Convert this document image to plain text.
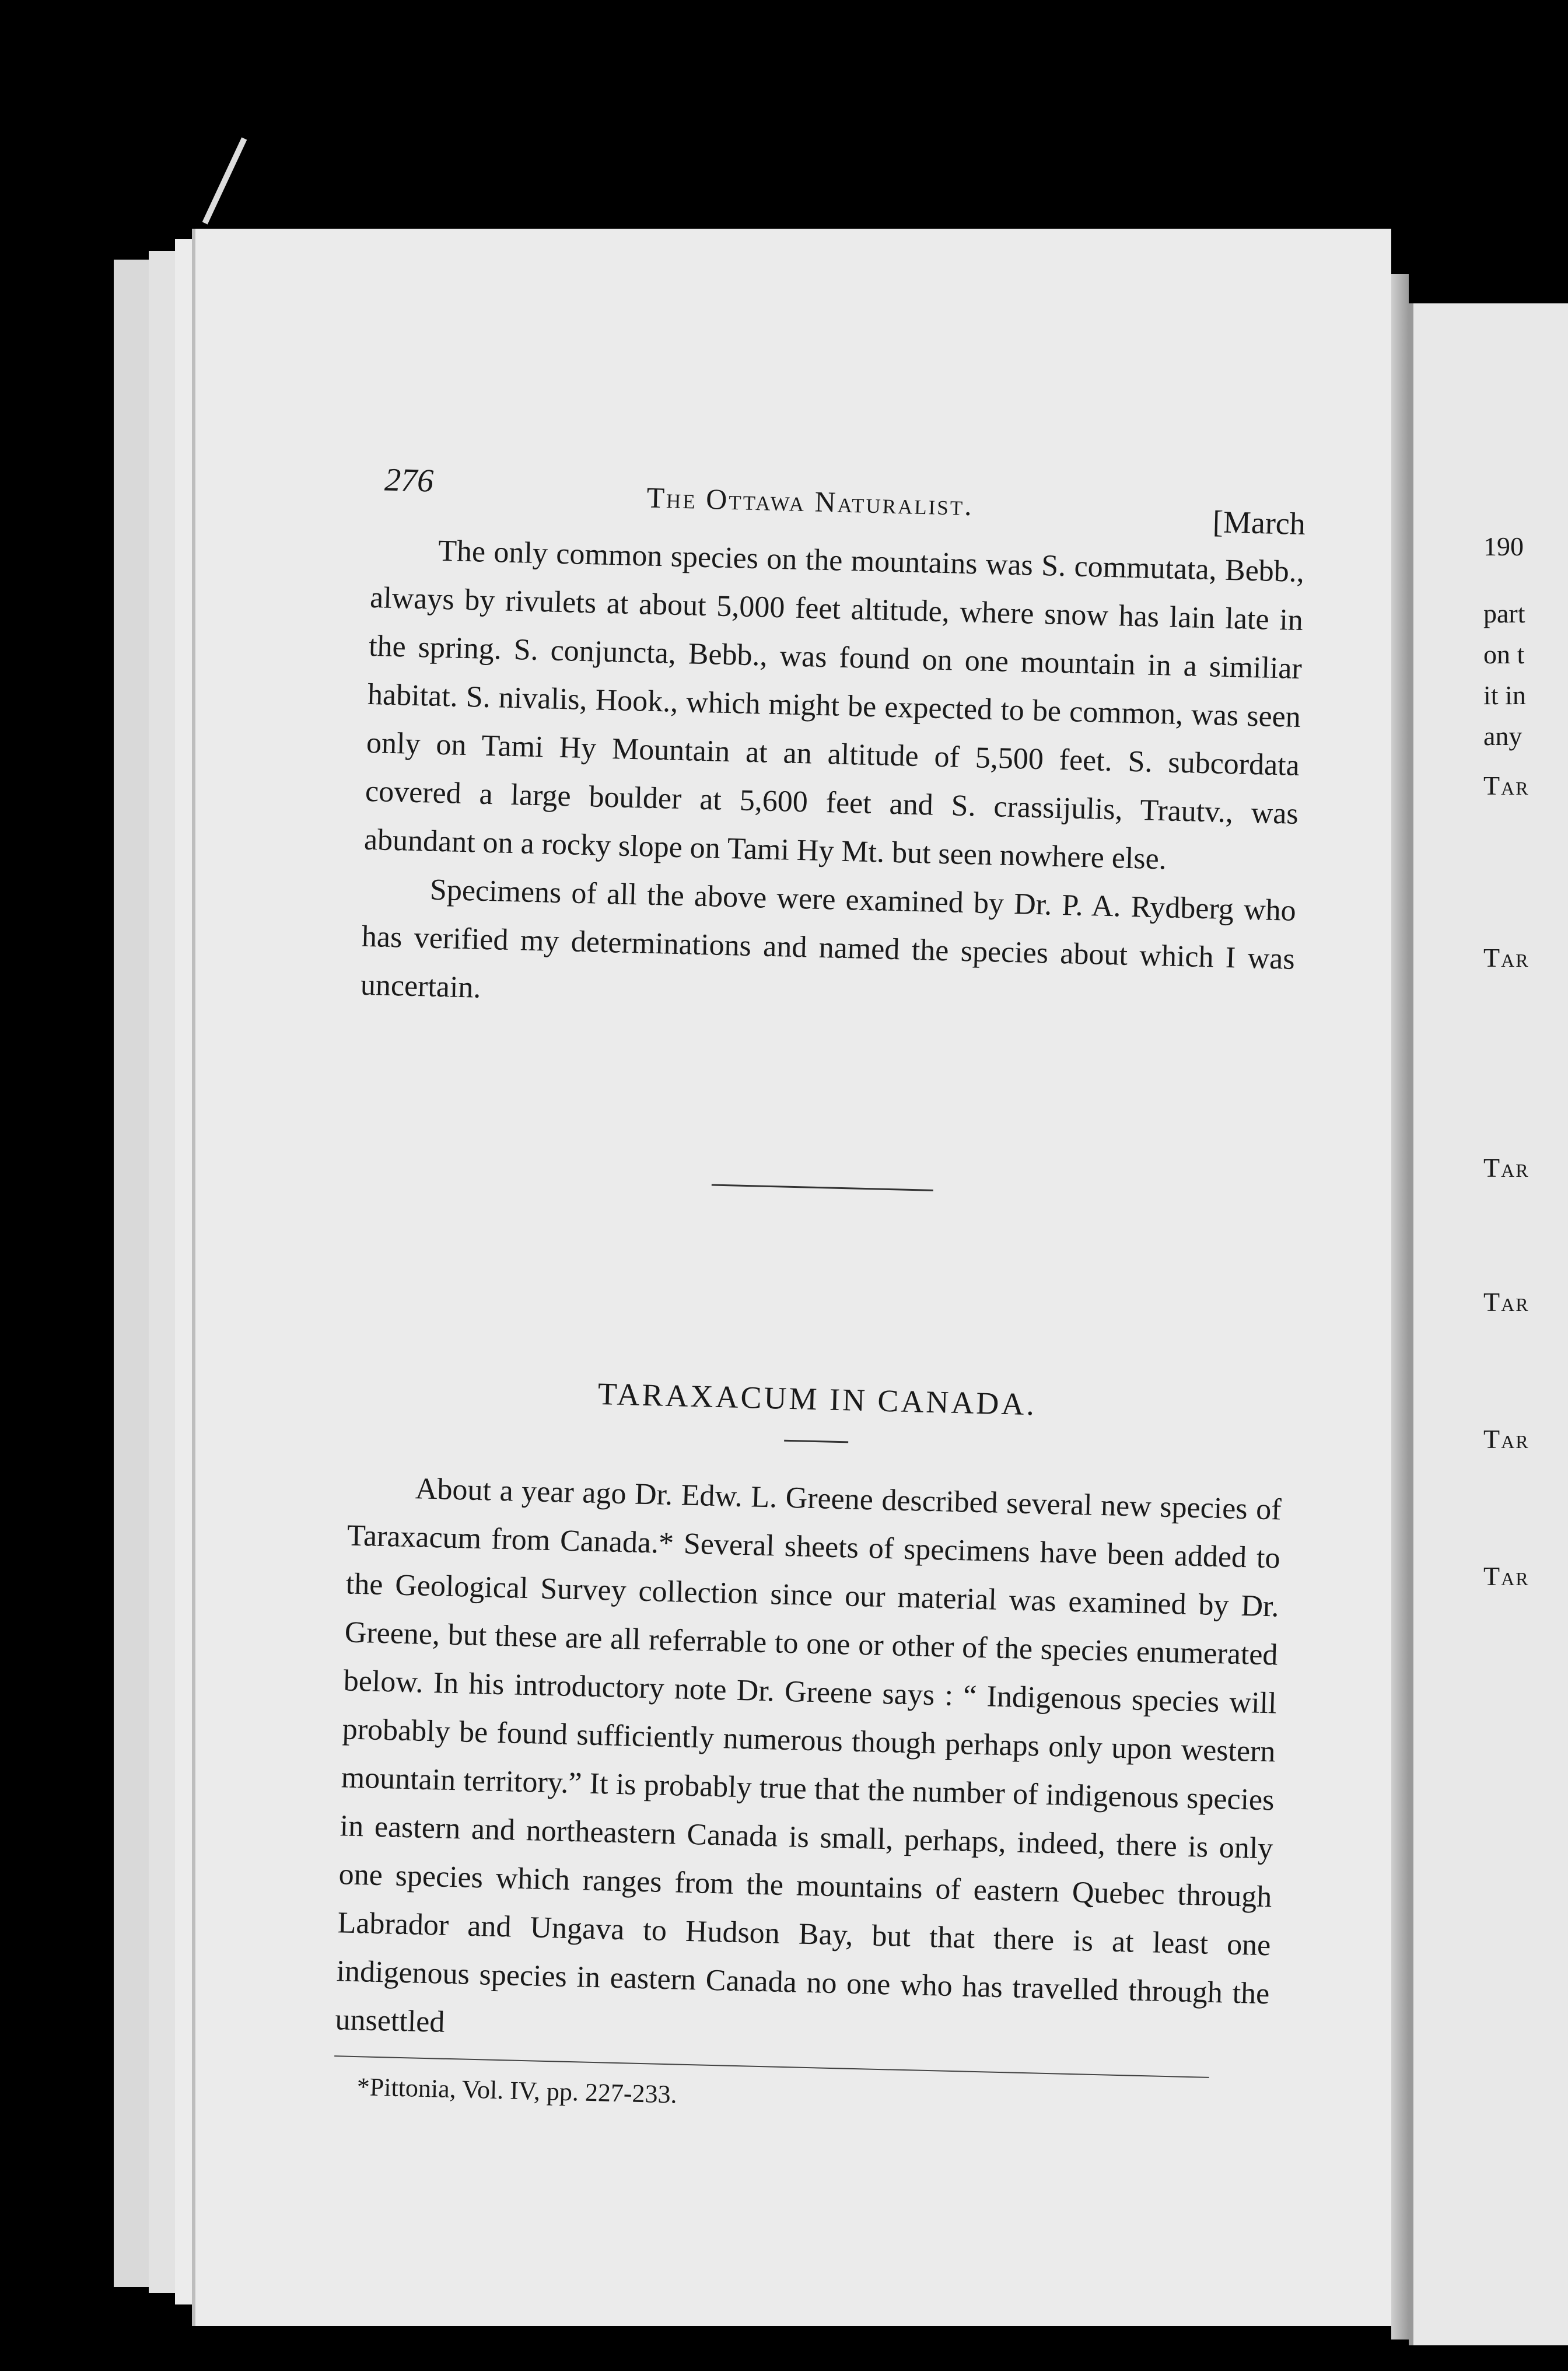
276
The Ottawa Naturalist.
[March

The only common species on the mountains was S. commutata, Bebb., always by rivulets at about 5,000 feet altitude, where snow has lain late in the spring. S. conjuncta, Bebb., was found on one mountain in a similiar habitat. S. nivalis, Hook., which might be expected to be common, was seen only on Tami Hy Mountain at an altitude of 5,500 feet. S. subcordata covered a large boulder at 5,600 feet and S. crassijulis, Trautv., was abundant on a rocky slope on Tami Hy Mt. but seen nowhere else.

Specimens of all the above were examined by Dr. P. A. Rydberg who has verified my determinations and named the species about which I was uncertain.

TARAXACUM IN CANADA.

About a year ago Dr. Edw. L. Greene described several new species of Taraxacum from Canada.* Several sheets of specimens have been added to the Geological Survey collection since our material was examined by Dr. Greene, but these are all referrable to one or other of the species enumerated below. In his introductory note Dr. Greene says : “ Indigenous species will probably be found sufficiently numerous though perhaps only upon western mountain territory.” It is probably true that the number of indigenous species in eastern and northeastern Canada is small, perhaps, indeed, there is only one species which ranges from the mountains of eastern Quebec through Labrador and Ungava to Hudson Bay, but that there is at least one indigenous species in eastern Canada no one who has travelled through the unsettled

*Pittonia, Vol. IV, pp. 227-233.
190
part
on t
it in
any
Tar
Tar
Tar
Tar
Tar
Tar
